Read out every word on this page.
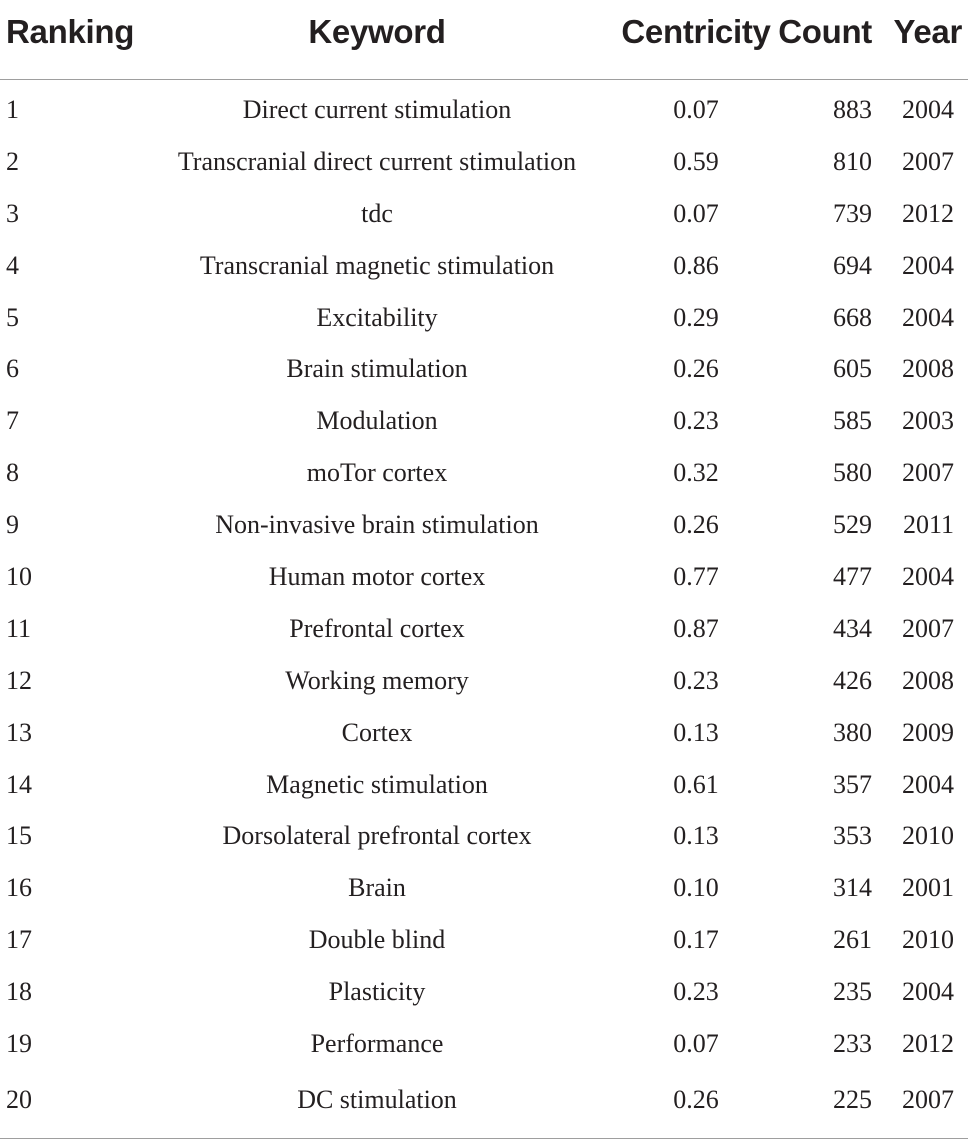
Ranking	Keyword	Centricity	Count	Year
1	Direct current stimulation	0.07	883	2004
2	Transcranial direct current stimulation	0.59	810	2007
3	tdc	0.07	739	2012
4	Transcranial magnetic stimulation	0.86	694	2004
5	Excitability	0.29	668	2004
6	Brain stimulation	0.26	605	2008
7	Modulation	0.23	585	2003
8	moTor cortex	0.32	580	2007
9	Non-invasive brain stimulation	0.26	529	2011
10	Human motor cortex	0.77	477	2004
11	Prefrontal cortex	0.87	434	2007
12	Working memory	0.23	426	2008
13	Cortex	0.13	380	2009
14	Magnetic stimulation	0.61	357	2004
15	Dorsolateral prefrontal cortex	0.13	353	2010
16	Brain	0.10	314	2001
17	Double blind	0.17	261	2010
18	Plasticity	0.23	235	2004
19	Performance	0.07	233	2012
20	DC stimulation	0.26	225	2007
